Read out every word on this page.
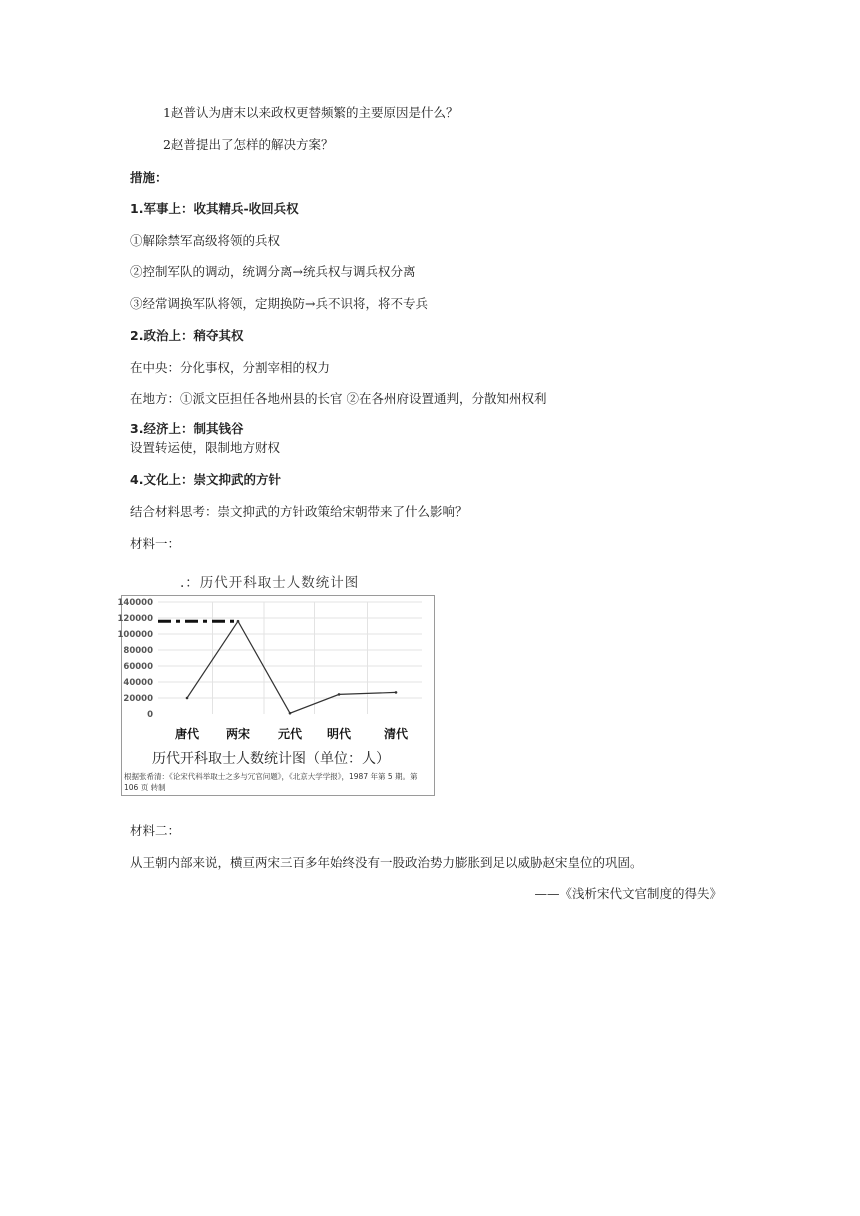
1赵普认为唐末以来政权更替频繁的主要原因是什么？
2赵普提出了怎样的解决方案？
措施：
1.军事上：收其精兵-收回兵权
①解除禁军高级将领的兵权
②控制军队的调动，统调分离→统兵权与调兵权分离
③经常调换军队将领，定期换防→兵不识将，将不专兵
2.政治上：稍夺其权
在中央：分化事权，分割宰相的权力
在地方：①派文臣担任各地州县的长官 ②在各州府设置通判，分散知州权利
3.经济上：制其钱谷
设置转运使，限制地方财权
4.文化上：崇文抑武的方针
结合材料思考：崇文抑武的方针政策给宋朝带来了什么影响？
材料一：
.：历代开科取士人数统计图
0
20000
40000
60000
80000
100000
120000
140000
唐代 两宋 元代 明代	清代
历代开科取士人数统计图（单位：人）
根据张希清：《论宋代科举取士之多与冗官问题》，《北京大学学报》，1987 年第 5 期。第 106 页 转制
材料二：
从王朝内部来说，横亘两宋三百多年始终没有一股政治势力膨胀到足以威胁赵宋皇位的巩固。
——《浅析宋代文官制度的得失》
